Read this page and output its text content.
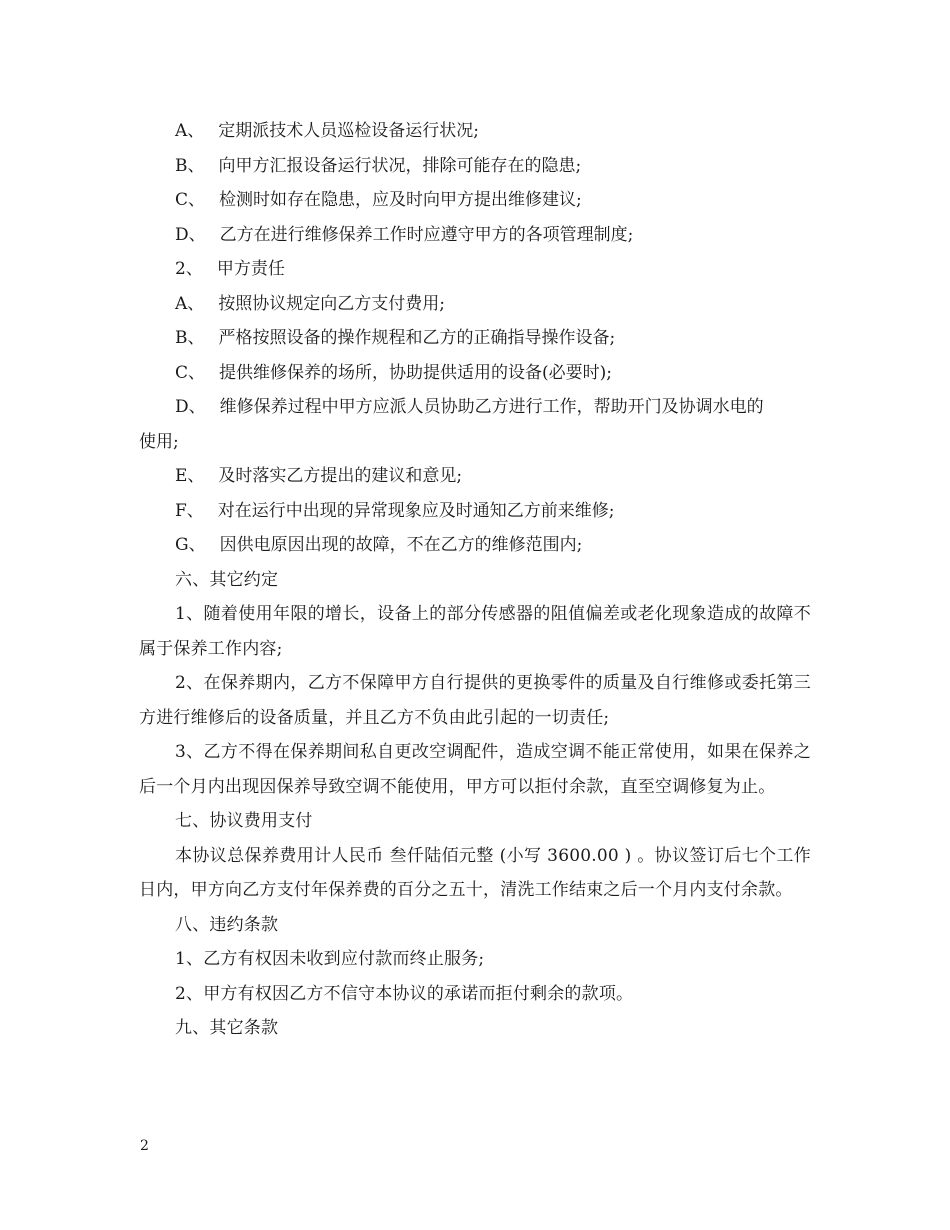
A、 定期派技术人员巡检设备运行状况;
B、 向甲方汇报设备运行状况，排除可能存在的隐患;
C、 检测时如存在隐患，应及时向甲方提出维修建议;
D、 乙方在进行维修保养工作时应遵守甲方的各项管理制度;
2、 甲方责任
A、 按照协议规定向乙方支付费用;
B、 严格按照设备的操作规程和乙方的正确指导操作设备;
C、 提供维修保养的场所，协助提供适用的设备(必要时);
D、 维修保养过程中甲方应派人员协助乙方进行工作，帮助开门及协调水电的
使用;
E、 及时落实乙方提出的建议和意见;
F、 对在运行中出现的异常现象应及时通知乙方前来维修;
G、 因供电原因出现的故障，不在乙方的维修范围内;

六、其它约定

1、随着使用年限的增长，设备上的部分传感器的阻值偏差或老化现象造成的故障不属于保养工作内容;

2、在保养期内，乙方不保障甲方自行提供的更换零件的质量及自行维修或委托第三方进行维修后的设备质量，并且乙方不负由此引起的一切责任;

3、乙方不得在保养期间私自更改空调配件，造成空调不能正常使用，如果在保养之后一个月内出现因保养导致空调不能使用，甲方可以拒付余款，直至空调修复为止。

七、协议费用支付

本协议总保养费用计人民币 叁仟陆佰元整 (小写 3600.00 ) 。协议签订后七个工作日内，甲方向乙方支付年保养费的百分之五十，清洗工作结束之后一个月内支付余款。

八、违约条款

1、乙方有权因未收到应付款而终止服务;

2、甲方有权因乙方不信守本协议的承诺而拒付剩余的款项。

九、其它条款

2
